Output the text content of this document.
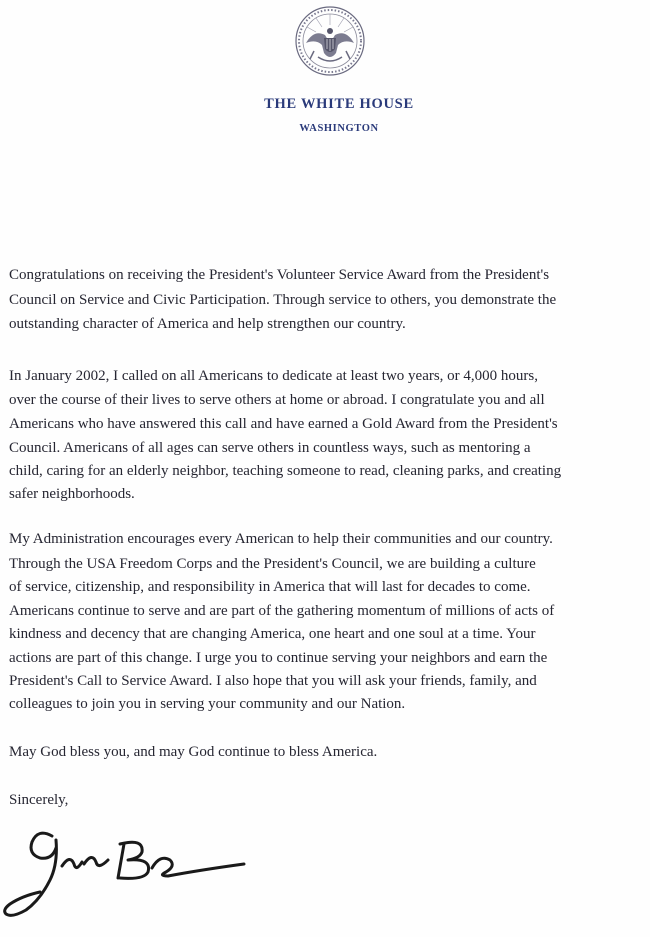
THE WHITE HOUSE
WASHINGTON
Congratulations on receiving the President's Volunteer Service Award from the President's
Council on Service and Civic Participation. Through service to others, you demonstrate the
outstanding character of America and help strengthen our country.
In January 2002, I called on all Americans to dedicate at least two years, or 4,000 hours,
over the course of their lives to serve others at home or abroad. I congratulate you and all
Americans who have answered this call and have earned a Gold Award from the President's
Council. Americans of all ages can serve others in countless ways, such as mentoring a
child, caring for an elderly neighbor, teaching someone to read, cleaning parks, and creating
safer neighborhoods.
My Administration encourages every American to help their communities and our country.
Through the USA Freedom Corps and the President's Council, we are building a culture
of service, citizenship, and responsibility in America that will last for decades to come.
Americans continue to serve and are part of the gathering momentum of millions of acts of
kindness and decency that are changing America, one heart and one soul at a time. Your
actions are part of this change. I urge you to continue serving your neighbors and earn the
President's Call to Service Award. I also hope that you will ask your friends, family, and
colleagues to join you in serving your community and our Nation.
May God bless you, and may God continue to bless America.
Sincerely,
